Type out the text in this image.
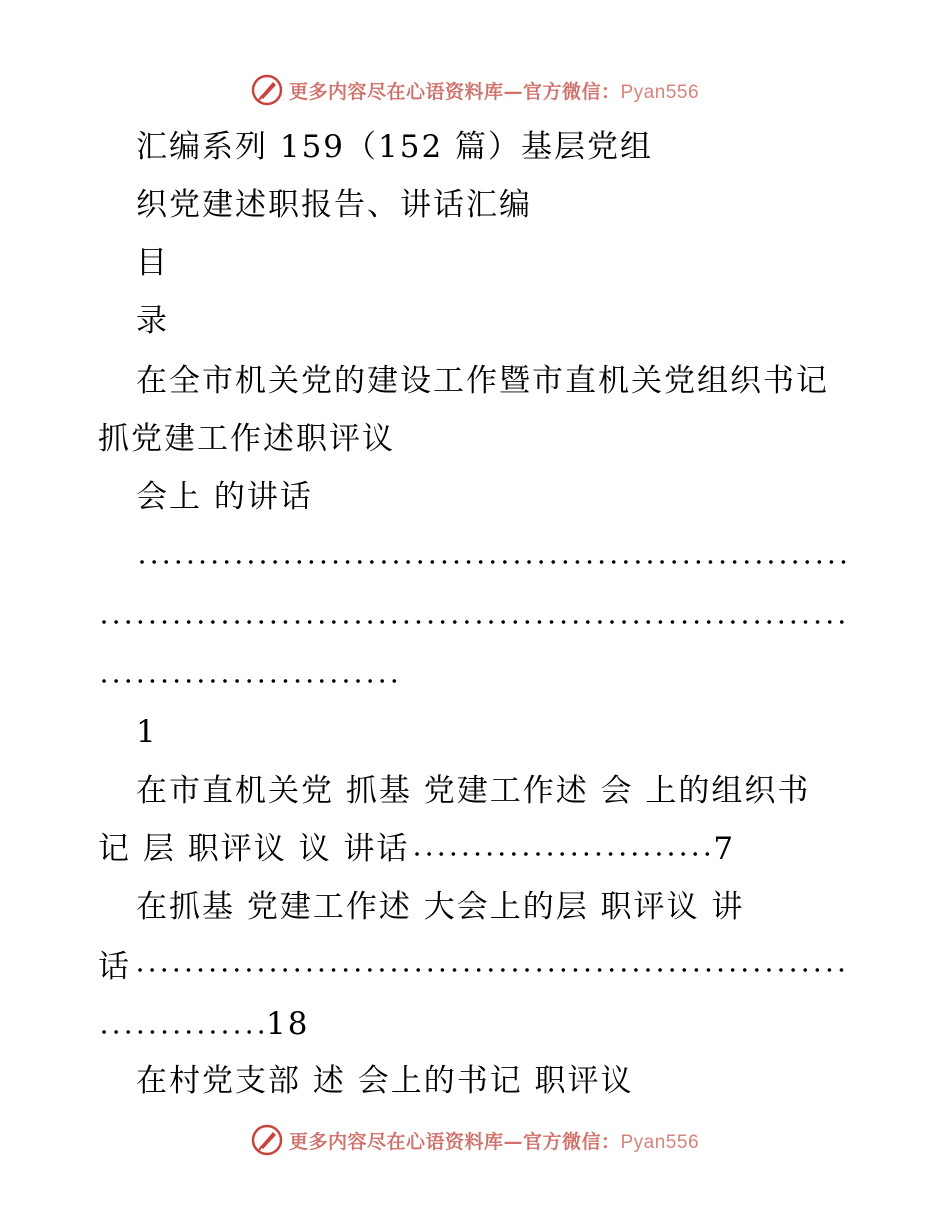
更多内容尽在心语资料库—官方微信：Pyan556
汇编系列 159（152 篇）基层党组
织党建述职报告、讲话汇编
目
录
在全市机关党的建设工作暨市直机关党组织书记
抓党建工作述职评议
会上 的讲话
1
在市直机关党 抓基 党建工作述 会 上的组织书
记 层 职评议 议 讲话	7
在抓基 党建工作述 大会上的层 职评议 讲
话
18
在村党支部 述 会上的书记 职评议
更多内容尽在心语资料库—官方微信：Pyan556
